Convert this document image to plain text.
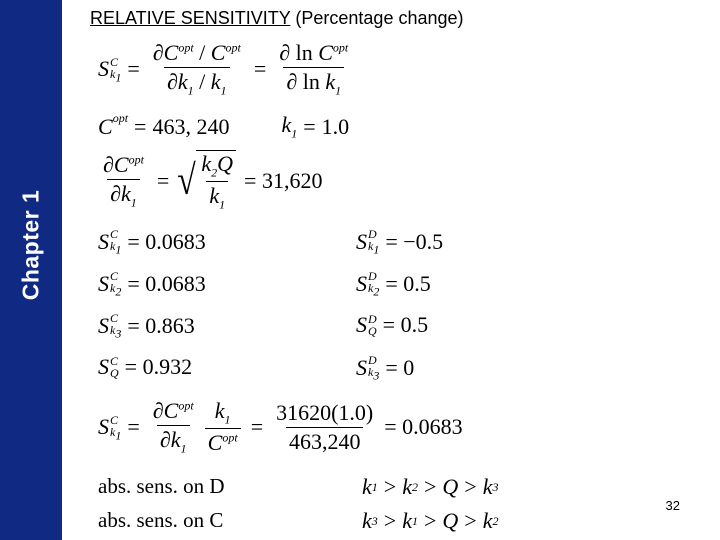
Chapter 1
RELATIVE SENSITIVITY (Percentage change)
S C
$k_1 = \frac{\partial C^{opt} / C^{opt}}{\partial k_1 / k_1} = \frac{\partial \ln C^{opt}}{\partial \ln k_1}$
$C^{opt} = 463$, 240 $k_1 = 1.0$
$\frac{\partial C^{opt}}{\partial k_1}$ = √ $\frac{k_2Q}{k_1} = 31,620$
S C
$k_1 = 0.0683$
S C
$k_2 = 0.0683$
S C
$k_3 = 0.863$
S C
Q = 0.932
S D
$k_1 = -0.5$
S D
$k_2 = 0.5$
S D
Q = 0.5
S D
$k_3 = 0$
S C
$k_1 = \frac{\partial C^{opt}}{\partial k_1} \frac{k_1}{C^{opt}} = \frac{31620(1.0)}{463,240} = 0.0683$
abs. sens. on D	k 1 > k 2 > Q > k 3
abs. sens. on C	k 3 > k 1 > Q > k 2
32
